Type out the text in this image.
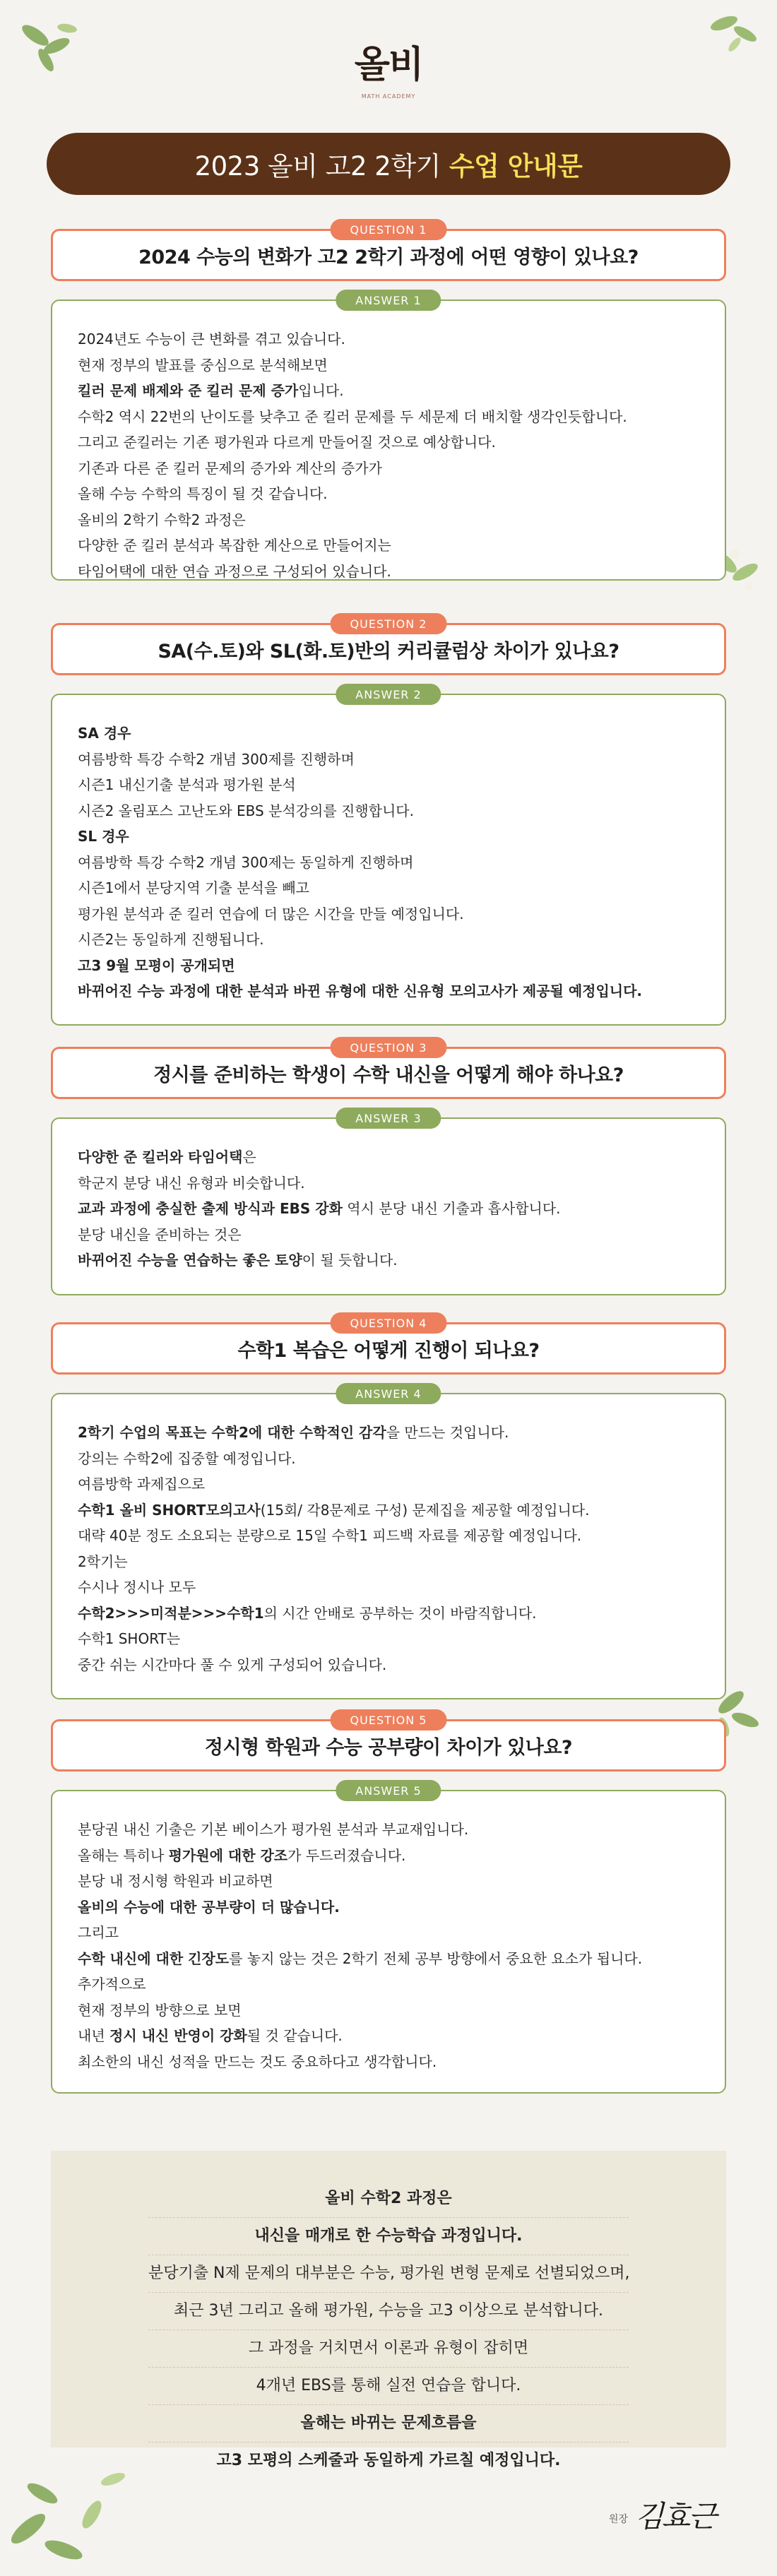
올비
MATH ACADEMY
2023 올비 고2 2학기 수업 안내문
QUESTION 1
2024 수능의 변화가 고2 2학기 과정에 어떤 영향이 있나요?
ANSWER 1

2024년도 수능이 큰 변화를 겪고 있습니다.

현재 정부의 발표를 중심으로 분석해보면

킬러 문제 배제와 준 킬러 문제 증가입니다.

수학2 역시 22번의 난이도를 낮추고 준 킬러 문제를 두 세문제 더 배치할 생각인듯합니다.

그리고 준킬러는 기존 평가원과 다르게 만들어질 것으로 예상합니다.

기존과 다른 준 킬러 문제의 증가와 계산의 증가가

올해 수능 수학의 특징이 될 것 같습니다.

올비의 2학기 수학2 과정은

다양한 준 킬러 분석과 복잡한 계산으로 만들어지는

타임어택에 대한 연습 과정으로 구성되어 있습니다.

QUESTION 2
SA(수.토)와 SL(화.토)반의 커리큘럼상 차이가 있나요?
ANSWER 2

SA 경우

여름방학 특강 수학2 개념 300제를 진행하며

시즌1 내신기출 분석과 평가원 분석

시즌2 올림포스 고난도와 EBS 분석강의를 진행합니다.

SL 경우

여름방학 특강 수학2 개념 300제는 동일하게 진행하며

시즌1에서 분당지역 기출 분석을 빼고

평가원 분석과 준 킬러 연습에 더 많은 시간을 만들 예정입니다.

시즌2는 동일하게 진행됩니다.

고3 9월 모평이 공개되면

바뀌어진 수능 과정에 대한 분석과 바뀐 유형에 대한 신유형 모의고사가 제공될 예정입니다.

QUESTION 3
정시를 준비하는 학생이 수학 내신을 어떻게 해야 하나요?
ANSWER 3

다양한 준 킬러와 타임어택은

학군지 분당 내신 유형과 비슷합니다.

교과 과정에 충실한 출제 방식과 EBS 강화 역시 분당 내신 기출과 흡사합니다.

분당 내신을 준비하는 것은

바뀌어진 수능을 연습하는 좋은 토양이 될 듯합니다.

QUESTION 4
수학1 복습은 어떻게 진행이 되나요?
ANSWER 4

2학기 수업의 목표는 수학2에 대한 수학적인 감각을 만드는 것입니다.

강의는 수학2에 집중할 예정입니다.

여름방학 과제집으로

수학1 올비 SHORT모의고사(15회/ 각8문제로 구성) 문제집을 제공할 예정입니다.

대략 40분 정도 소요되는 분량으로 15일 수학1 피드백 자료를 제공할 예정입니다.

2학기는

수시나 정시나 모두

수학2>>>미적분>>>수학1의 시간 안배로 공부하는 것이 바람직합니다.

수학1 SHORT는

중간 쉬는 시간마다 풀 수 있게 구성되어 있습니다.

QUESTION 5
정시형 학원과 수능 공부량이 차이가 있나요?
ANSWER 5

분당권 내신 기출은 기본 베이스가 평가원 분석과 부교재입니다.

올해는 특히나 평가원에 대한 강조가 두드러졌습니다.

분당 내 정시형 학원과 비교하면

올비의 수능에 대한 공부량이 더 많습니다.

그리고

수학 내신에 대한 긴장도를 놓지 않는 것은 2학기 전체 공부 방향에서 중요한 요소가 됩니다.

추가적으로

현재 정부의 방향으로 보면

내년 정시 내신 반영이 강화될 것 같습니다.

최소한의 내신 성적을 만드는 것도 중요하다고 생각합니다.

올비 수학2 과정은

내신을 매개로 한 수능학습 과정입니다.

분당기출 N제 문제의 대부분은 수능, 평가원 변형 문제로 선별되었으며,

최근 3년 그리고 올해 평가원, 수능을 고3 이상으로 분석합니다.

그 과정을 거치면서 이론과 유형이 잡히면

4개년 EBS를 통해 실전 연습을 합니다.

올해는 바뀌는 문제흐름을

고3 모평의 스케줄과 동일하게 가르칠 예정입니다.

원장 김효근
